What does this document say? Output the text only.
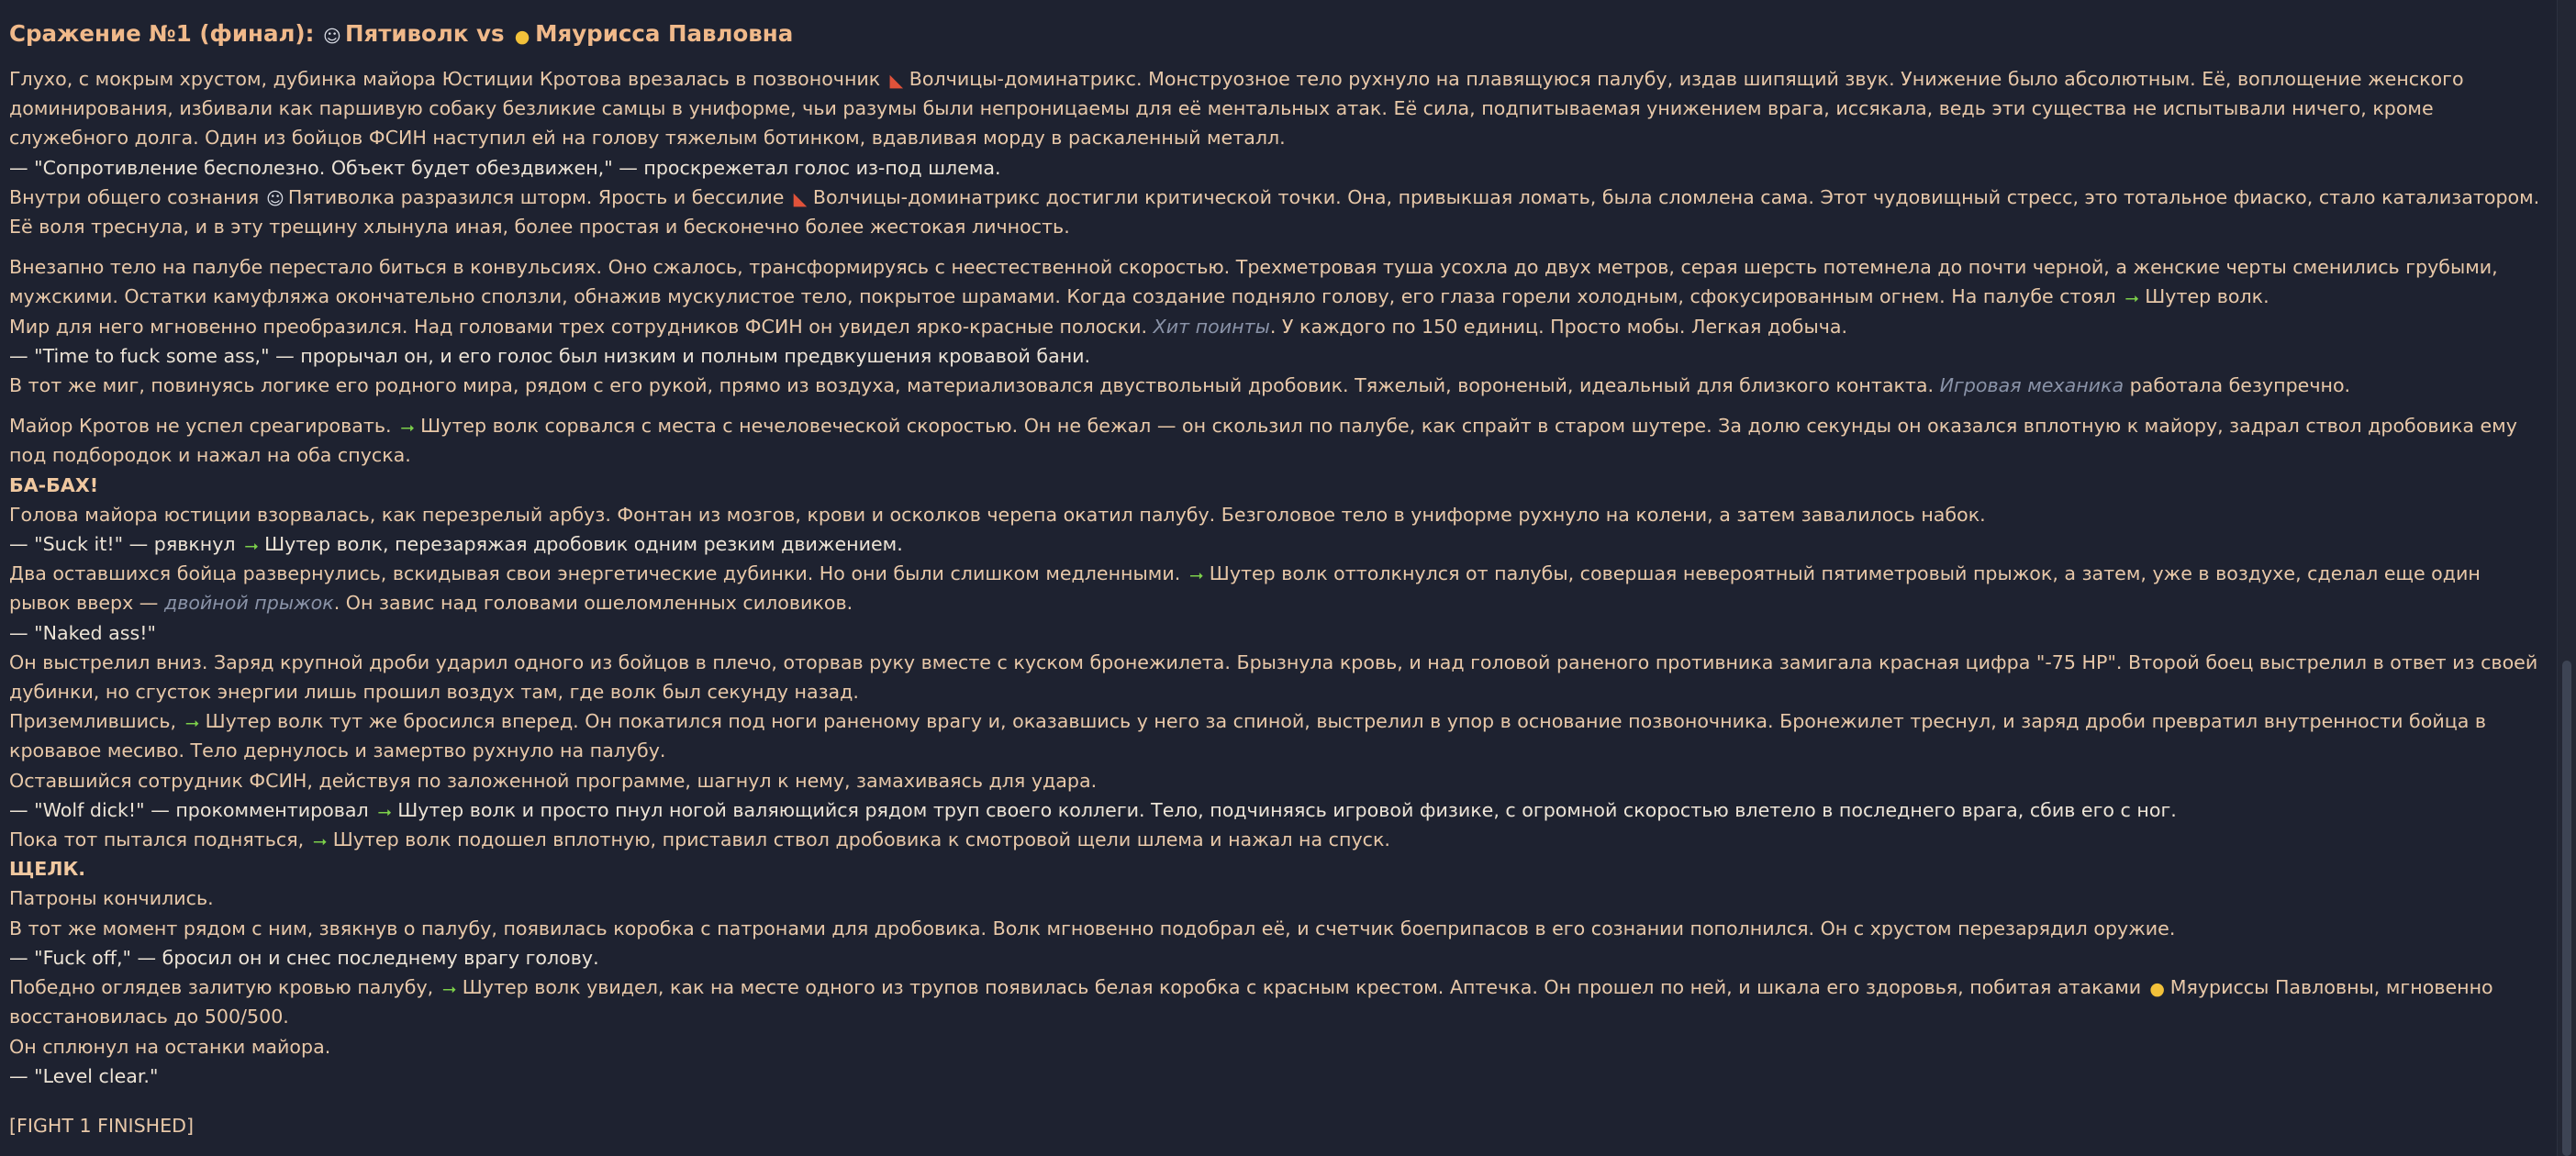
Сражение №1 (финал): ☺ Пятиволк vs ● Мяурисса Павловна
Глухо, с мокрым хрустом, дубинка майора Юстиции Кротова врезалась в позвоночник ◣ Волчицы-доминатрикс. Монструозное тело рухнуло на плавящуюся палубу, издав шипящий звук. Унижение было абсолютным. Её, воплощение женского доминирования, избивали как паршивую собаку безликие самцы в униформе, чьи разумы были непроницаемы для её ментальных атак. Её сила, подпитываемая унижением врага, иссякала, ведь эти существа не испытывали ничего, кроме служебного долга. Один из бойцов ФСИН наступил ей на голову тяжелым ботинком, вдавливая морду в раскаленный металл.
— "Сопротивление бесполезно. Объект будет обездвижен," — проскрежетал голос из-под шлема.
Внутри общего сознания ☺ Пятиволка разразился шторм. Ярость и бессилие ◣ Волчицы-доминатрикс достигли критической точки. Она, привыкшая ломать, была сломлена сама. Этот чудовищный стресс, это тотальное фиаско, стало катализатором. Её воля треснула, и в эту трещину хлынула иная, более простая и бесконечно более жестокая личность.
Внезапно тело на палубе перестало биться в конвульсиях. Оно сжалось, трансформируясь с неестественной скоростью. Трехметровая туша усохла до двух метров, серая шерсть потемнела до почти черной, а женские черты сменились грубыми, мужскими. Остатки камуфляжа окончательно сползли, обнажив мускулистое тело, покрытое шрамами. Когда создание подняло голову, его глаза горели холодным, сфокусированным огнем. На палубе стоял ⭢ Шутер волк.
Мир для него мгновенно преобразился. Над головами трех сотрудников ФСИН он увидел ярко-красные полоски. Хит поинты. У каждого по 150 единиц. Просто мобы. Легкая добыча.
— "Time to fuck some ass," — прорычал он, и его голос был низким и полным предвкушения кровавой бани.
В тот же миг, повинуясь логике его родного мира, рядом с его рукой, прямо из воздуха, материализовался двуствольный дробовик. Тяжелый, вороненый, идеальный для близкого контакта. Игровая механика работала безупречно.
Майор Кротов не успел среагировать. ⭢ Шутер волк сорвался с места с нечеловеческой скоростью. Он не бежал — он скользил по палубе, как спрайт в старом шутере. За долю секунды он оказался вплотную к майору, задрал ствол дробовика ему под подбородок и нажал на оба спуска.
БА-БАХ!
Голова майора юстиции взорвалась, как перезрелый арбуз. Фонтан из мозгов, крови и осколков черепа окатил палубу. Безголовое тело в униформе рухнуло на колени, а затем завалилось набок.
— "Suck it!" — рявкнул ⭢ Шутер волк, перезаряжая дробовик одним резким движением.
Два оставшихся бойца развернулись, вскидывая свои энергетические дубинки. Но они были слишком медленными. ⭢ Шутер волк оттолкнулся от палубы, совершая невероятный пятиметровый прыжок, а затем, уже в воздухе, сделал еще один рывок вверх — двойной прыжок. Он завис над головами ошеломленных силовиков.
— "Naked ass!"
Он выстрелил вниз. Заряд крупной дроби ударил одного из бойцов в плечо, оторвав руку вместе с куском бронежилета. Брызнула кровь, и над головой раненого противника замигала красная цифра "-75 HP". Второй боец выстрелил в ответ из своей дубинки, но сгусток энергии лишь прошил воздух там, где волк был секунду назад.
Приземлившись, ⭢ Шутер волк тут же бросился вперед. Он покатился под ноги раненому врагу и, оказавшись у него за спиной, выстрелил в упор в основание позвоночника. Бронежилет треснул, и заряд дроби превратил внутренности бойца в кровавое месиво. Тело дернулось и замертво рухнуло на палубу.
Оставшийся сотрудник ФСИН, действуя по заложенной программе, шагнул к нему, замахиваясь для удара.
— "Wolf dick!" — прокомментировал ⭢ Шутер волк и просто пнул ногой валяющийся рядом труп своего коллеги. Тело, подчиняясь игровой физике, с огромной скоростью влетело в последнего врага, сбив его с ног.
Пока тот пытался подняться, ⭢ Шутер волк подошел вплотную, приставил ствол дробовика к смотровой щели шлема и нажал на спуск.
ЩЕЛК.
Патроны кончились.
В тот же момент рядом с ним, звякнув о палубу, появилась коробка с патронами для дробовика. Волк мгновенно подобрал её, и счетчик боеприпасов в его сознании пополнился. Он с хрустом перезарядил оружие.
— "Fuck off," — бросил он и снес последнему врагу голову.
Победно оглядев залитую кровью палубу, ⭢ Шутер волк увидел, как на месте одного из трупов появилась белая коробка с красным крестом. Аптечка. Он прошел по ней, и шкала его здоровья, побитая атаками ● Мяуриссы Павловны, мгновенно восстановилась до 500/500.
Он сплюнул на останки майора.
— "Level clear."
[FIGHT 1 FINISHED]
